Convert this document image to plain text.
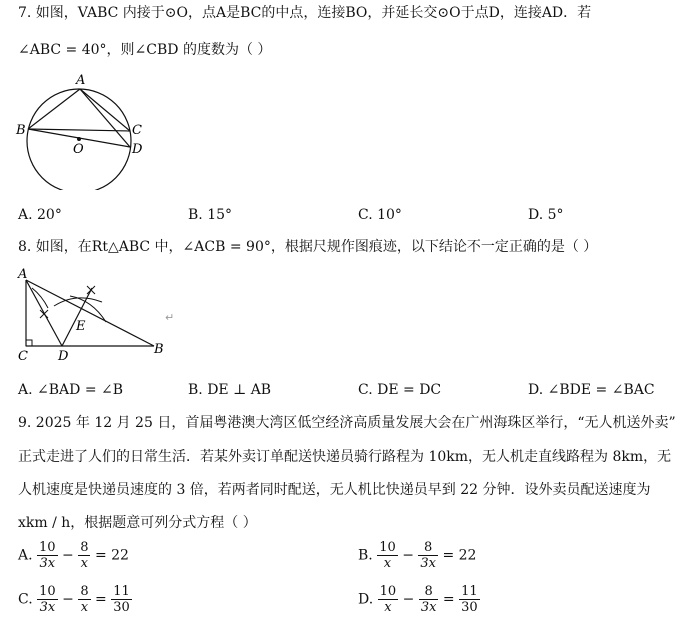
7. 如图，VABC 内接于⊙O，点A是BC的中点，连接BO，并延长交⊙O于点D，连接AD．若
∠ABC = 40°，则∠CBD 的度数为（ ）
A
B	C
D
O
A. 20°	B. 15°	C. 10°	D. 5°
8. 如图，在Rt△ABC 中，∠ACB = 90°，根据尺规作图痕迹，以下结论不一定正确的是（ ）
A
B
C D
E
↵
A. ∠BAD = ∠B	B. DE ⊥ AB	C. DE = DC	D. ∠BDE = ∠BAC
9. 2025 年 12 月 25 日，首届粤港澳大湾区低空经济高质量发展大会在广州海珠区举行，“无人机送外卖”
正式走进了人们的日常生活．若某外卖订单配送快递员骑行路程为 10km，无人机走直线路程为 8km，无
人机速度是快递员速度的 3 倍，若两者同时配送，无人机比快递员早到 22 分钟．设外卖员配送速度为
xkm / h，根据题意可列分式方程（ ）
A. $\frac{10}{3x} - \frac{8}{x} = 22$	B. $\frac{10}{x} - \frac{8}{3x} = 22$
C. $\frac{10}{3x} - \frac{8}{x} = \frac{11}{30}$	D. $\frac{10}{x} - \frac{8}{3x} = \frac{11}{30}$
